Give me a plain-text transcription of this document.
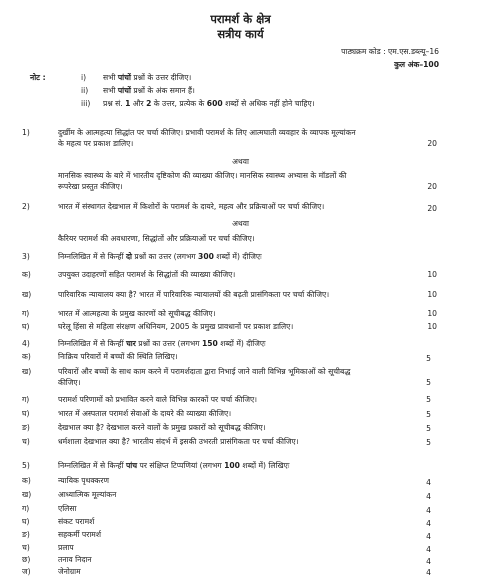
परामर्श के क्षेत्र
सत्रीय कार्य
पाठ्यक्रम कोड : एम.एस.डब्ल्यू–16
कुल अंक–100
नोट :	i) सभी पांचों प्रश्नों के उत्तर दीजिए।
ii) सभी पांचों प्रश्नों के अंक समान हैं।
iii) प्रश्न सं. 1 और 2 के उत्तर, प्रत्येक के 600 शब्दों से अधिक नहीं होने चाहिए।
1)	दुर्खीम के आत्महत्या सिद्धांत पर चर्चा कीजिए। प्रभावी परामर्श के लिए आत्मघाती व्यवहार के व्यापक मूल्यांकन
के महत्व पर प्रकाश डालिए।	20
अथवा
मानसिक स्वास्थ्य के बारे में भारतीय दृष्टिकोण की व्याख्या कीजिए। मानसिक स्वास्थ्य अभ्यास के मॉडलों की
रूपरेखा प्रस्तुत कीजिए।	20
2)	भारत में संस्थागत देखभाल में किशोरों के परामर्श के दायरे, महत्व और प्रक्रियाओं पर चर्चा कीजिए।	20
अथवा
कैरियर परामर्श की अवधारणा, सिद्धांतों और प्रक्रियाओं पर चर्चा कीजिए।
3)	निम्नलिखित में से किन्हीं दो प्रश्नों का उत्तर (लगभग 300 शब्दों में) दीजिएः
क)	उपयुक्त उदाहरणों सहित परामर्श के सिद्धांतों की व्याख्या कीजिए।	10
ख)	पारिवारिक न्यायालय क्या है? भारत में पारिवारिक न्यायालयों की बढ़ती प्रासंगिकता पर चर्चा कीजिए।	10
ग)	भारत में आत्महत्या के प्रमुख कारणों को सूचीबद्ध कीजिए।	10
घ)	घरेलू हिंसा से महिला संरक्षण अधिनियम, 2005 के प्रमुख प्रावधानों पर प्रकाश डालिए।	10
4)	निम्नलिखित में से किन्हीं चार प्रश्नों का उत्तर (लगभग 150 शब्दों में) दीजिएः
क)	निःक्रिय परिवारों में बच्चों की स्थिति लिखिए।	5
ख)	परिवारों और बच्चों के साथ काम करने में परामर्शदाता द्वारा निभाई जाने वाली विभिन्न भूमिकाओं को सूचीबद्ध
कीजिए।	5
ग)	परामर्श परिणामों को प्रभावित करने वाले विभिन्न कारकों पर चर्चा कीजिए।	5
घ)	भारत में अस्पताल परामर्श सेवाओं के दायरे की व्याख्या कीजिए।	5
ङ)	देखभाल क्या है? देखभाल करने वालों के प्रमुख प्रकारों को सूचीबद्ध कीजिए।	5
च)	धर्मशाला देखभाल क्या है? भारतीय संदर्भ में इसकी उभरती प्रासंगिकता पर चर्चा कीजिए।	5
5)	निम्नलिखित में से किन्हीं पांच पर संक्षिप्त टिप्पणियां (लगभग 100 शब्दों में) लिखिएः
क)	न्यायिक पृथक्करण	4
ख)	आध्यात्मिक मूल्यांकन	4
ग)	एलिसा	4
घ)	संकट परामर्श	4
ङ)	सहकर्मी परामर्श	4
च)	प्रलाप	4
छ)	तनाव निदान	4
ज)	जेनोग्राम	4
